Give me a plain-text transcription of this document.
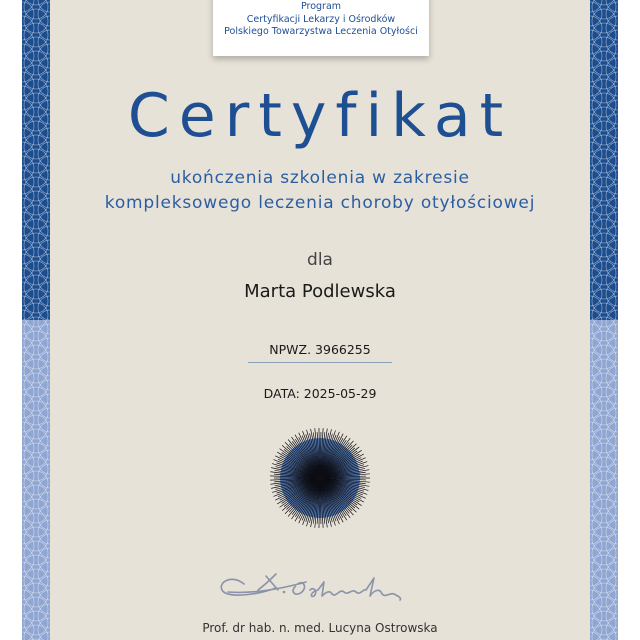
Program
Certyfikacji Lekarzy i Ośrodków
Polskiego Towarzystwa Leczenia Otyłości
Certyfikat
ukończenia szkolenia w zakresie
kompleksowego leczenia choroby otyłościowej
dla
Marta Podlewska
NPWZ. 3966255
DATA: 2025-05-29
Prof. dr hab. n. med. Lucyna Ostrowska
